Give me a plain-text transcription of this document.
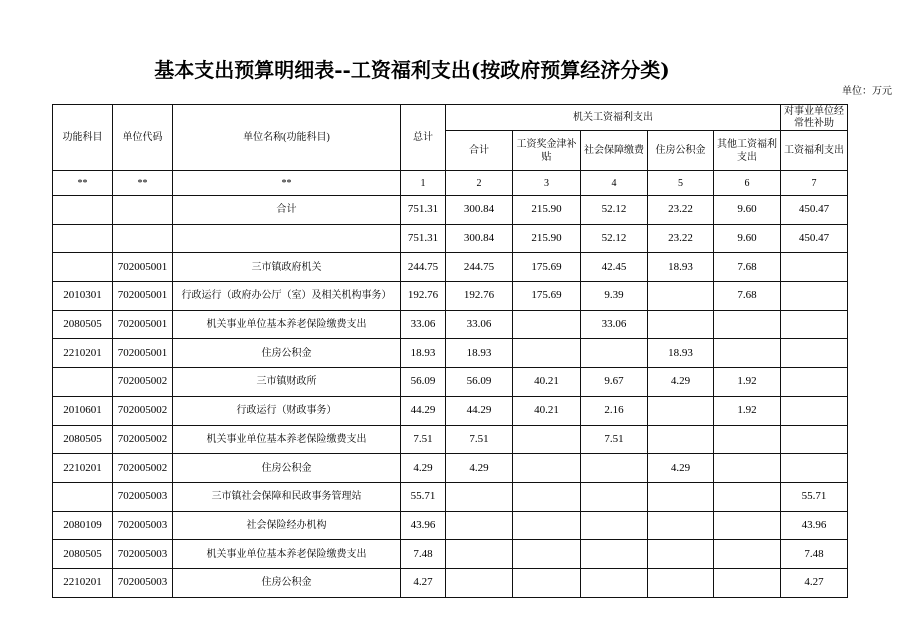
基本支出预算明细表--工资福利支出(按政府预算经济分类)
单位：万元
功能科目	单位代码	单位名称(功能科目)	总计	机关工资福利支出					对事业单位经常性补助
				合计	工资奖金津补贴	社会保障缴费	住房公积金	其他工资福利支出	工资福利支出
**	**	**	1	2	3	4	5	6	7
		合计	751.31	300.84	215.90	52.12	23.22	9.60	450.47
			751.31	300.84	215.90	52.12	23.22	9.60	450.47
	702005001	三市镇政府机关	244.75	244.75	175.69	42.45	18.93	7.68	
2010301	702005001	行政运行（政府办公厅（室）及相关机构事务）	192.76	192.76	175.69	9.39		7.68	
2080505	702005001	机关事业单位基本养老保险缴费支出	33.06	33.06		33.06			
2210201	702005001	住房公积金	18.93	18.93			18.93		
	702005002	三市镇财政所	56.09	56.09	40.21	9.67	4.29	1.92	
2010601	702005002	行政运行（财政事务）	44.29	44.29	40.21	2.16		1.92	
2080505	702005002	机关事业单位基本养老保险缴费支出	7.51	7.51		7.51			
2210201	702005002	住房公积金	4.29	4.29			4.29		
	702005003	三市镇社会保障和民政事务管理站	55.71						55.71
2080109	702005003	社会保险经办机构	43.96						43.96
2080505	702005003	机关事业单位基本养老保险缴费支出	7.48						7.48
2210201	702005003	住房公积金	4.27						4.27
